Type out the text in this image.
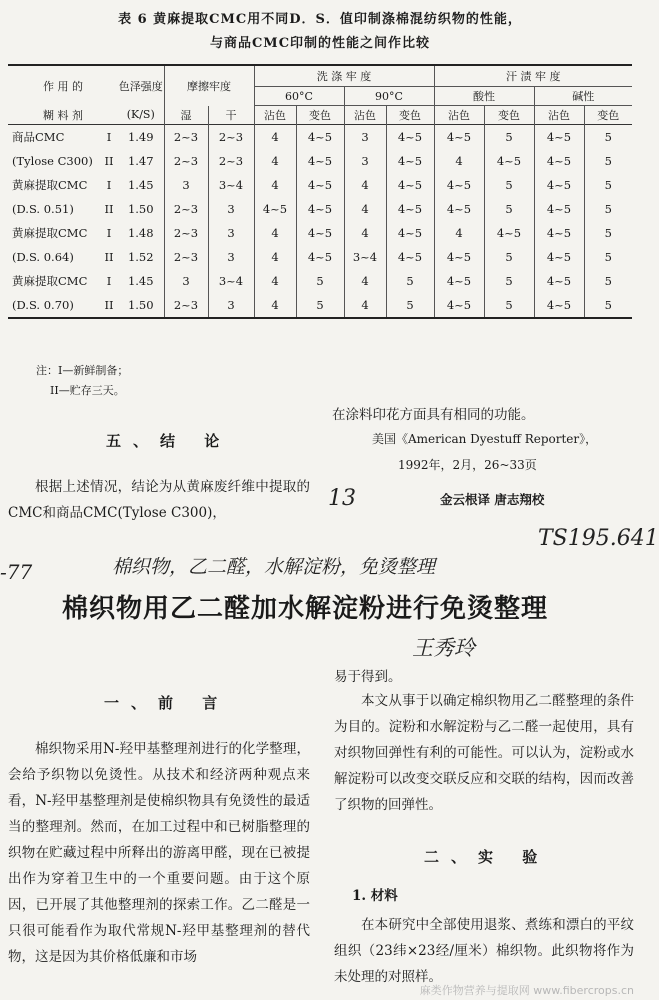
表 6 黄麻提取CMC用不同D．S．值印制涤棉混纺织物的性能，
与商品CMC印制的性能之间作比较
作 用 的		色泽强度	摩擦牢度		洗 涤 牢 度				汗 渍 牢 度			
					60°C		90°C		酸性		碱性	
糊 料 剂		(K/S)	湿	干	沾色	变色	沾色	变色	沾色	变色	沾色	变色
商品CMC	I	1.49	2~3	2~3	4	4~5	3	4~5	4~5	5	4~5	5
(Tylose C300)	II	1.47	2~3	2~3	4	4~5	3	4~5	4	4~5	4~5	5
黄麻提取CMC	I	1.45	3	3~4	4	4~5	4	4~5	4~5	5	4~5	5
(D.S. 0.51)	II	1.50	2~3	3	4~5	4~5	4	4~5	4~5	5	4~5	5
黄麻提取CMC	I	1.48	2~3	3	4	4~5	4	4~5	4	4~5	4~5	5
(D.S. 0.64)	II	1.52	2~3	3	4	4~5	3~4	4~5	4~5	5	4~5	5
黄麻提取CMC	I	1.45	3	3~4	4	5	4	5	4~5	5	4~5	5
(D.S. 0.70)	II	1.50	2~3	3	4	5	4	5	4~5	5	4~5	5
注：I—新鲜制备；
II—贮存三天。
在涂料印花方面具有相同的功能。
美国《American Dyestuff Reporter》，
1992年，2月，26~33页
金云根译 唐志翔校
五、结 论

根据上述情况，结论为从黄麻废纤维中提取的CMC和商品CMC(Tylose C300)，

13
TS195.641
-77	棉织物，乙二醛，水解淀粉，免烫整理
王秀玲
棉织物用乙二醛加水解淀粉进行免烫整理
一、前 言

棉织物采用N-羟甲基整理剂进行的化学整理，会给予织物以免烫性。从技术和经济两种观点来看，N-羟甲基整理剂是使棉织物具有免烫性的最适当的整理剂。然而，在加工过程中和已树脂整理的织物在贮藏过程中所释出的游离甲醛，现在已被提出作为穿着卫生中的一个重要问题。由于这个原因，已开展了其他整理剂的探索工作。乙二醛是一只很可能看作为取代常规N-羟甲基整理剂的替代物，这是因为其价格低廉和市场

易于得到。

本文从事于以确定棉织物用乙二醛整理的条件为目的。淀粉和水解淀粉与乙二醛一起使用，具有对织物回弹性有利的可能性。可以认为，淀粉或水解淀粉可以改变交联反应和交联的结构，因而改善了织物的回弹性。

二、实 验
1. 材料

在本研究中全部使用退浆、煮练和漂白的平纹组织（23纬×23经/厘米）棉织物。此织物将作为未处理的对照样。

麻类作物营养与提取网 www.fibercrops.cn
